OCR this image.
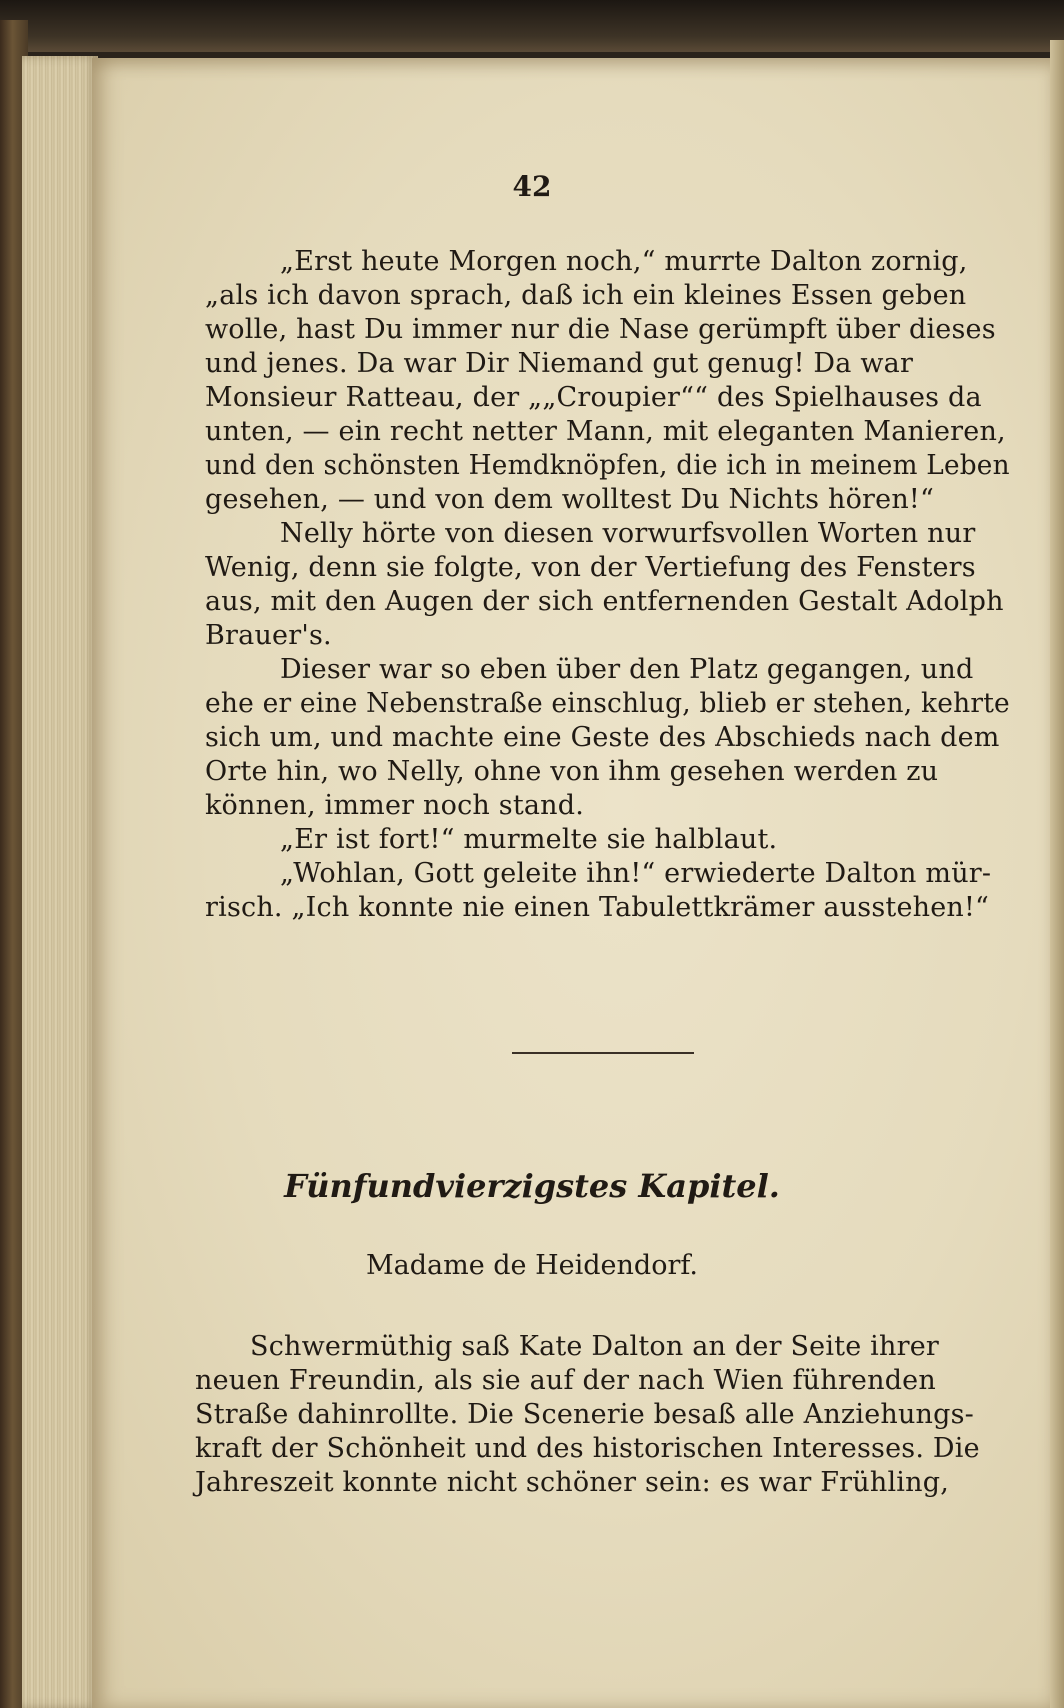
42
„Erst heute Morgen noch,“ murrte Dalton zornig,
„als ich davon sprach, daß ich ein kleines Essen geben
wolle, hast Du immer nur die Nase gerümpft über dieses
und jenes. Da war Dir Niemand gut genug! Da war
Monsieur Ratteau, der „„Croupier““ des Spielhauses da
unten, — ein recht netter Mann, mit eleganten Manieren,
und den schönsten Hemdknöpfen, die ich in meinem Leben
gesehen, — und von dem wolltest Du Nichts hören!“
Nelly hörte von diesen vorwurfsvollen Worten nur
Wenig, denn sie folgte, von der Vertiefung des Fensters
aus, mit den Augen der sich entfernenden Gestalt Adolph
Brauer's.
Dieser war so eben über den Platz gegangen, und
ehe er eine Nebenstraße einschlug, blieb er stehen, kehrte
sich um, und machte eine Geste des Abschieds nach dem
Orte hin, wo Nelly, ohne von ihm gesehen werden zu
können, immer noch stand.
„Er ist fort!“ murmelte sie halblaut.
„Wohlan, Gott geleite ihn!“ erwiederte Dalton mür-
risch. „Ich konnte nie einen Tabulettkrämer ausstehen!“
Fünfundvierzigstes Kapitel.
Madame de Heidendorf.
Schwermüthig saß Kate Dalton an der Seite ihrer
neuen Freundin, als sie auf der nach Wien führenden
Straße dahinrollte. Die Scenerie besaß alle Anziehungs-
kraft der Schönheit und des historischen Interesses. Die
Jahreszeit konnte nicht schöner sein: es war Frühling,
